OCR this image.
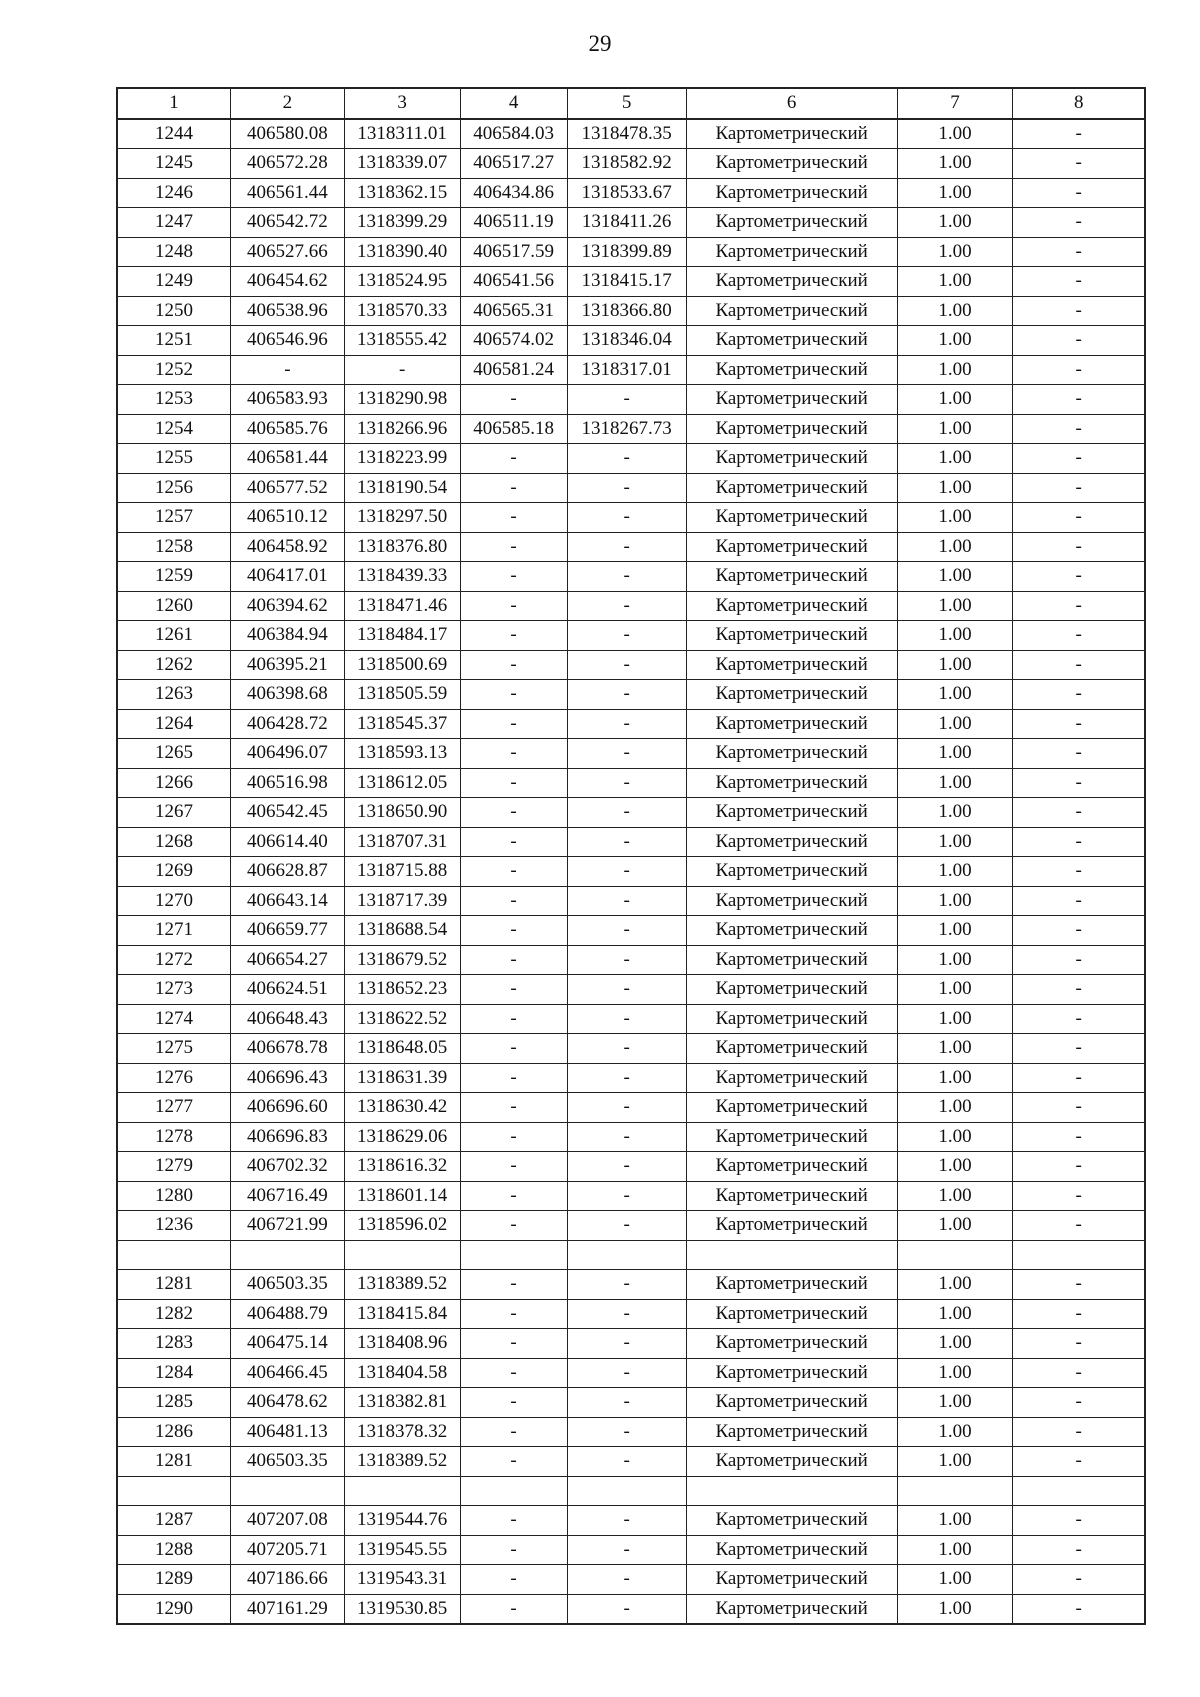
29
1	2	3	4	5	6	7	8
1244	406580.08	1318311.01	406584.03	1318478.35	Картометрический	1.00	-
1245	406572.28	1318339.07	406517.27	1318582.92	Картометрический	1.00	-
1246	406561.44	1318362.15	406434.86	1318533.67	Картометрический	1.00	-
1247	406542.72	1318399.29	406511.19	1318411.26	Картометрический	1.00	-
1248	406527.66	1318390.40	406517.59	1318399.89	Картометрический	1.00	-
1249	406454.62	1318524.95	406541.56	1318415.17	Картометрический	1.00	-
1250	406538.96	1318570.33	406565.31	1318366.80	Картометрический	1.00	-
1251	406546.96	1318555.42	406574.02	1318346.04	Картометрический	1.00	-
1252	-	-	406581.24	1318317.01	Картометрический	1.00	-
1253	406583.93	1318290.98	-	-	Картометрический	1.00	-
1254	406585.76	1318266.96	406585.18	1318267.73	Картометрический	1.00	-
1255	406581.44	1318223.99	-	-	Картометрический	1.00	-
1256	406577.52	1318190.54	-	-	Картометрический	1.00	-
1257	406510.12	1318297.50	-	-	Картометрический	1.00	-
1258	406458.92	1318376.80	-	-	Картометрический	1.00	-
1259	406417.01	1318439.33	-	-	Картометрический	1.00	-
1260	406394.62	1318471.46	-	-	Картометрический	1.00	-
1261	406384.94	1318484.17	-	-	Картометрический	1.00	-
1262	406395.21	1318500.69	-	-	Картометрический	1.00	-
1263	406398.68	1318505.59	-	-	Картометрический	1.00	-
1264	406428.72	1318545.37	-	-	Картометрический	1.00	-
1265	406496.07	1318593.13	-	-	Картометрический	1.00	-
1266	406516.98	1318612.05	-	-	Картометрический	1.00	-
1267	406542.45	1318650.90	-	-	Картометрический	1.00	-
1268	406614.40	1318707.31	-	-	Картометрический	1.00	-
1269	406628.87	1318715.88	-	-	Картометрический	1.00	-
1270	406643.14	1318717.39	-	-	Картометрический	1.00	-
1271	406659.77	1318688.54	-	-	Картометрический	1.00	-
1272	406654.27	1318679.52	-	-	Картометрический	1.00	-
1273	406624.51	1318652.23	-	-	Картометрический	1.00	-
1274	406648.43	1318622.52	-	-	Картометрический	1.00	-
1275	406678.78	1318648.05	-	-	Картометрический	1.00	-
1276	406696.43	1318631.39	-	-	Картометрический	1.00	-
1277	406696.60	1318630.42	-	-	Картометрический	1.00	-
1278	406696.83	1318629.06	-	-	Картометрический	1.00	-
1279	406702.32	1318616.32	-	-	Картометрический	1.00	-
1280	406716.49	1318601.14	-	-	Картометрический	1.00	-
1236	406721.99	1318596.02	-	-	Картометрический	1.00	-

1281	406503.35	1318389.52	-	-	Картометрический	1.00	-
1282	406488.79	1318415.84	-	-	Картометрический	1.00	-
1283	406475.14	1318408.96	-	-	Картометрический	1.00	-
1284	406466.45	1318404.58	-	-	Картометрический	1.00	-
1285	406478.62	1318382.81	-	-	Картометрический	1.00	-
1286	406481.13	1318378.32	-	-	Картометрический	1.00	-
1281	406503.35	1318389.52	-	-	Картометрический	1.00	-

1287	407207.08	1319544.76	-	-	Картометрический	1.00	-
1288	407205.71	1319545.55	-	-	Картометрический	1.00	-
1289	407186.66	1319543.31	-	-	Картометрический	1.00	-
1290	407161.29	1319530.85	-	-	Картометрический	1.00	-
